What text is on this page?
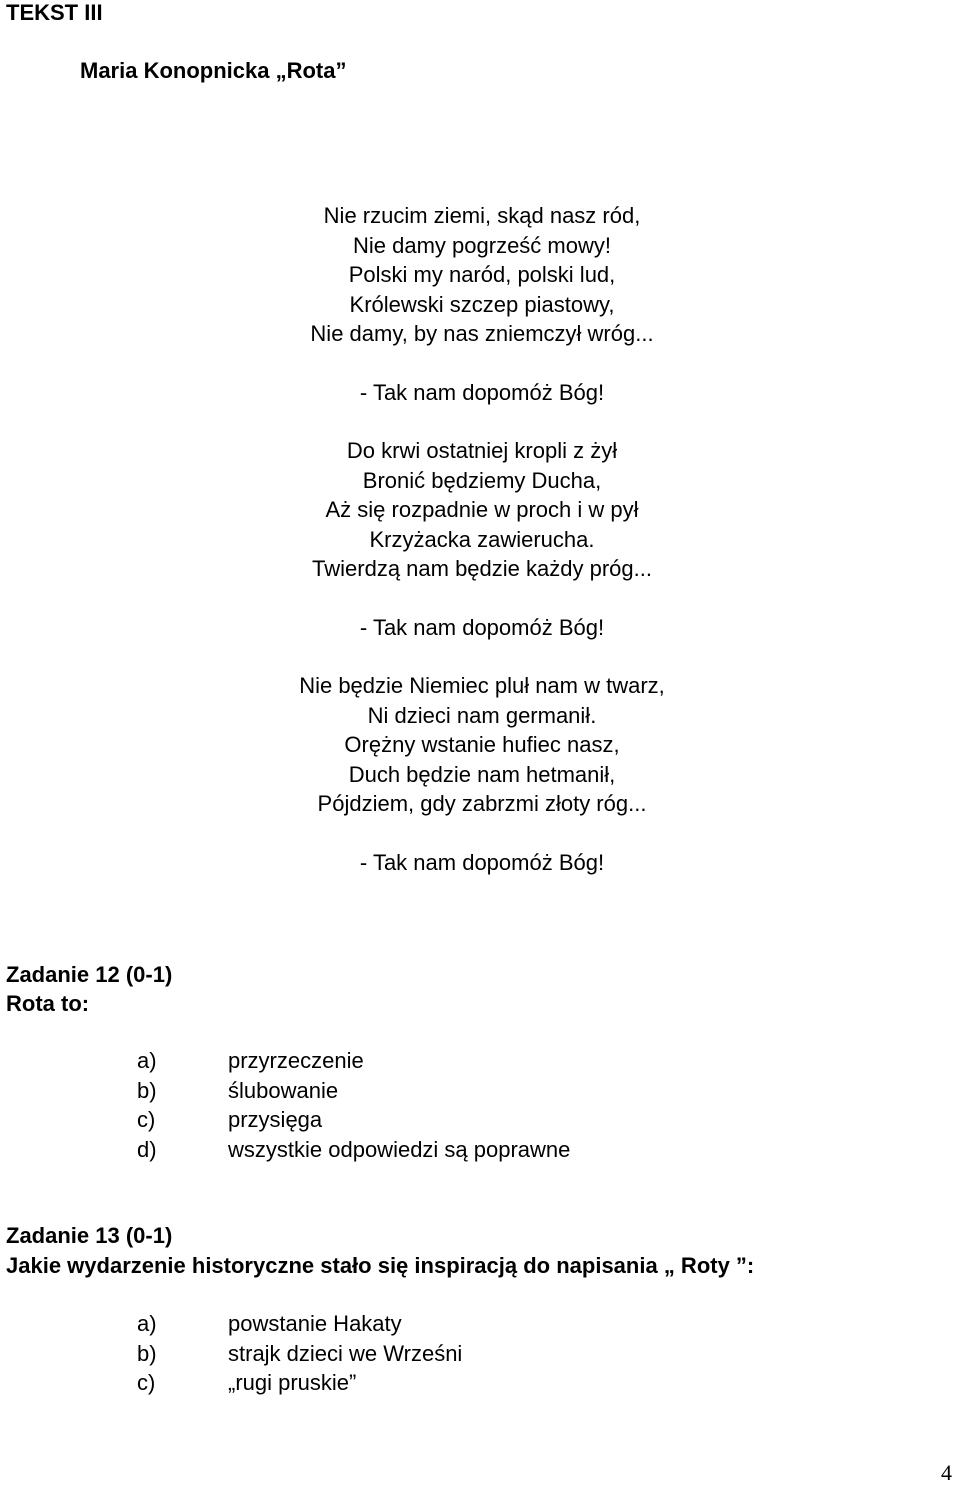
TEKST III
Maria Konopnicka „Rota”
Nie rzucim ziemi, skąd nasz ród,
Nie damy pogrześć mowy!
Polski my naród, polski lud,
Królewski szczep piastowy,
Nie damy, by nas zniemczył wróg...
- Tak nam dopomóż Bóg!
Do krwi ostatniej kropli z żył
Bronić będziemy Ducha,
Aż się rozpadnie w proch i w pył
Krzyżacka zawierucha.
Twierdzą nam będzie każdy próg...
- Tak nam dopomóż Bóg!
Nie będzie Niemiec pluł nam w twarz,
Ni dzieci nam germanił.
Orężny wstanie hufiec nasz,
Duch będzie nam hetmanił,
Pójdziem, gdy zabrzmi złoty róg...
- Tak nam dopomóż Bóg!
Zadanie 12 (0-1)
Rota to:
a)	przyrzeczenie
b)	ślubowanie
c)	przysięga
d)	wszystkie odpowiedzi są poprawne
Zadanie 13 (0-1)
Jakie wydarzenie historyczne stało się inspiracją do napisania „ Roty ”:
a)	powstanie Hakaty
b)	strajk dzieci we Wrześni
c)	„rugi pruskie”
4
